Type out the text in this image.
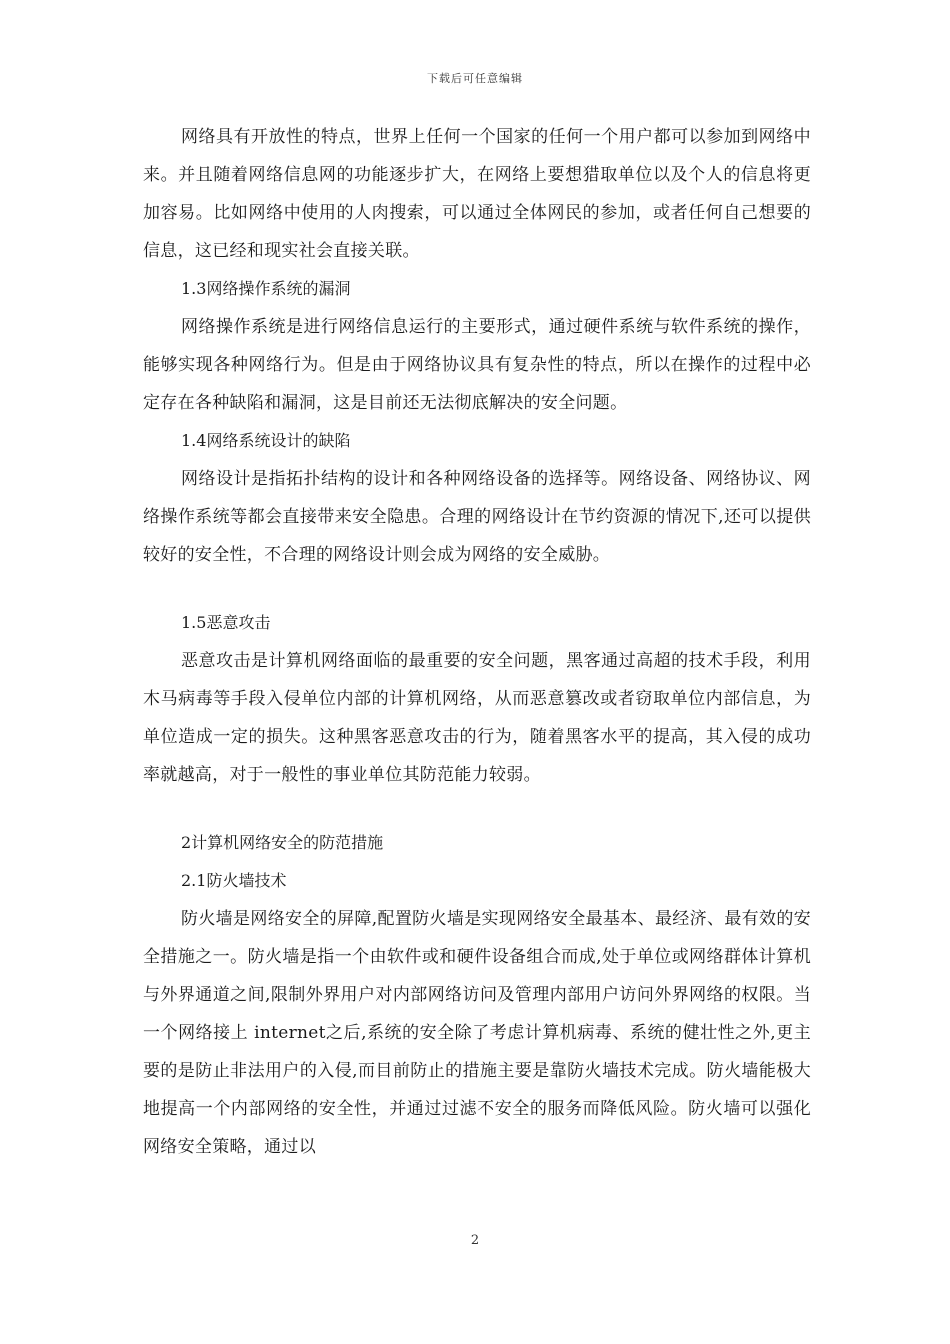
下载后可任意编辑

网络具有开放性的特点，世界上任何一个国家的任何一个用户都可以参加到网络中来。并且随着网络信息网的功能逐步扩大，在网络上要想猎取单位以及个人的信息将更加容易。比如网络中使用的人肉搜索，可以通过全体网民的参加，或者任何自己想要的信息，这已经和现实社会直接关联。

1.3网络操作系统的漏洞

网络操作系统是进行网络信息运行的主要形式，通过硬件系统与软件系统的操作，能够实现各种网络行为。但是由于网络协议具有复杂性的特点，所以在操作的过程中必定存在各种缺陷和漏洞，这是目前还无法彻底解决的安全问题。

1.4网络系统设计的缺陷

网络设计是指拓扑结构的设计和各种网络设备的选择等。网络设备、网络协议、网络操作系统等都会直接带来安全隐患。合理的网络设计在节约资源的情况下,还可以提供较好的安全性，不合理的网络设计则会成为网络的安全威胁。

1.5恶意攻击

恶意攻击是计算机网络面临的最重要的安全问题，黑客通过高超的技术手段，利用木马病毒等手段入侵单位内部的计算机网络，从而恶意篡改或者窃取单位内部信息，为单位造成一定的损失。这种黑客恶意攻击的行为，随着黑客水平的提高，其入侵的成功率就越高，对于一般性的事业单位其防范能力较弱。

2计算机网络安全的防范措施

2.1防火墙技术

防火墙是网络安全的屏障,配置防火墙是实现网络安全最基本、最经济、最有效的安全措施之一。防火墙是指一个由软件或和硬件设备组合而成,处于单位或网络群体计算机与外界通道之间,限制外界用户对内部网络访问及管理内部用户访问外界网络的权限。当一个网络接上 internet之后,系统的安全除了考虑计算机病毒、系统的健壮性之外,更主要的是防止非法用户的入侵,而目前防止的措施主要是靠防火墙技术完成。防火墙能极大地提高一个内部网络的安全性，并通过过滤不安全的服务而降低风险。防火墙可以强化网络安全策略，通过以

2
